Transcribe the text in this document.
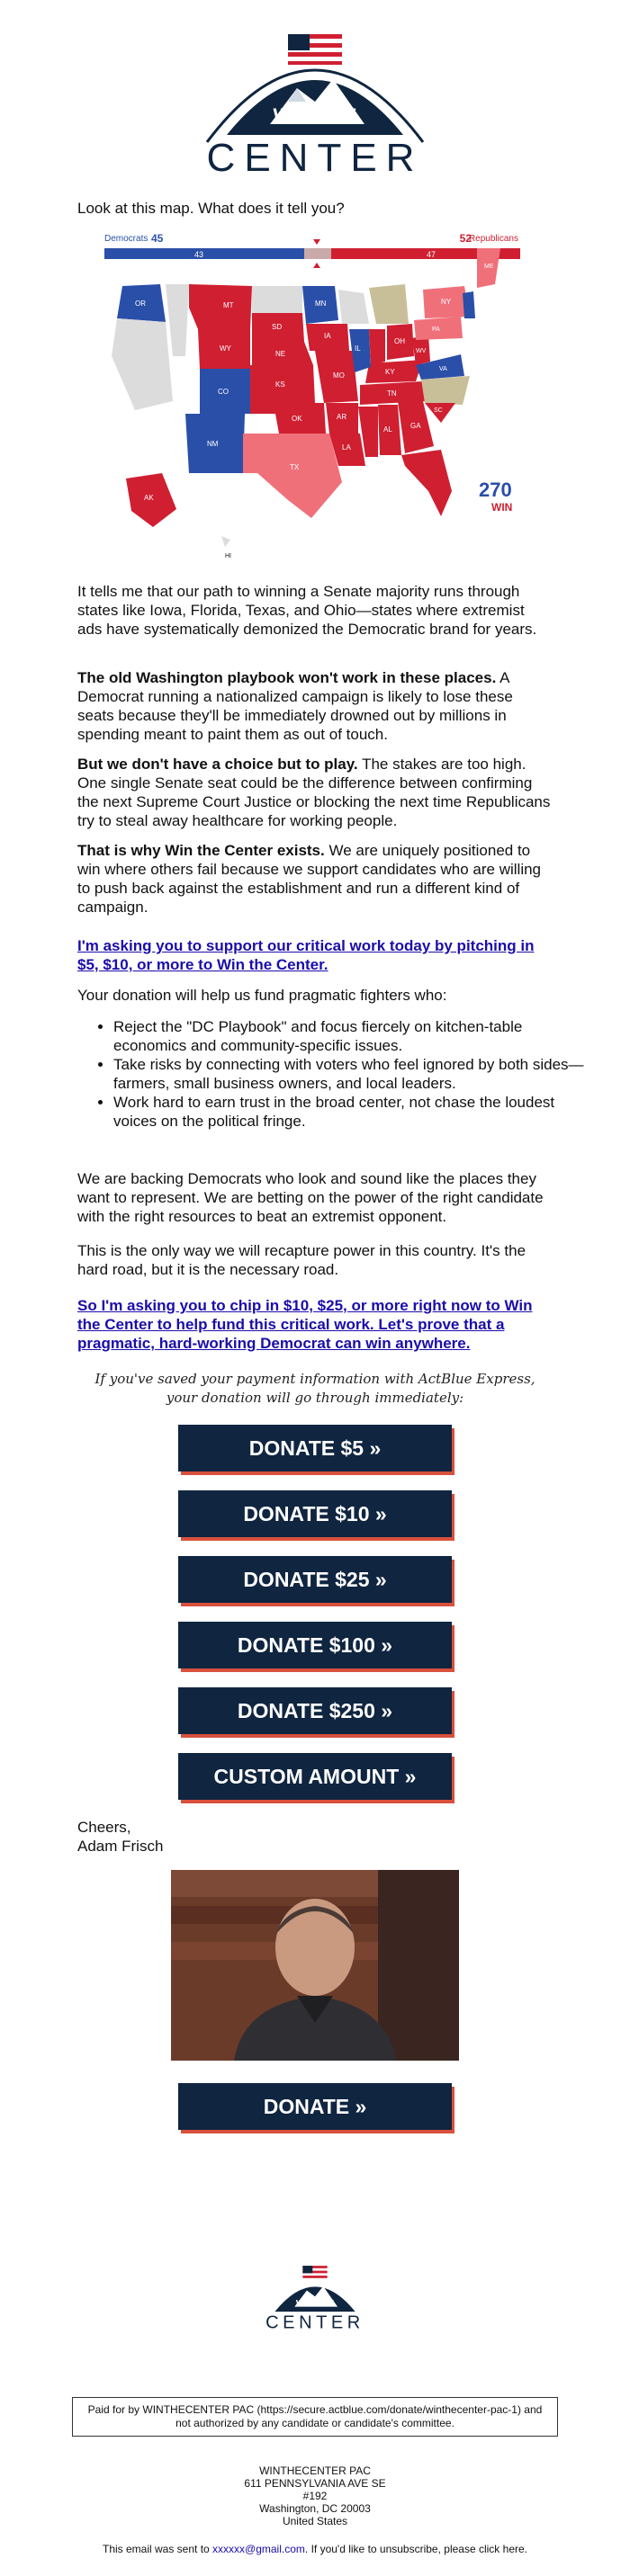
WIN THE
CENTER

Look at this map. What does it tell you?

Democrats 45	Republicans
52
43	47
OR	MT
WY
SD
NE
CO
KS
NM
OK
TX
MN
IA
MO
AR
LA
AL	GA
TN
KY
IL
OH
WV
VA
SC
PA
NY
ME
AK
HI
270
WIN

It tells me that our path to winning a Senate majority runs through states like Iowa, Florida, Texas, and Ohio—states where extremist ads have systematically demonized the Democratic brand for years.

The old Washington playbook won't work in these places. A Democrat running a nationalized campaign is likely to lose these seats because they'll be immediately drowned out by millions in spending meant to paint them as out of touch.

But we don't have a choice but to play. The stakes are too high. One single Senate seat could be the difference between confirming the next Supreme Court Justice or blocking the next time Republicans try to steal away healthcare for working people.

That is why Win the Center exists. We are uniquely positioned to win where others fail because we support candidates who are willing to push back against the establishment and run a different kind of campaign.

I'm asking you to support our critical work today by pitching in $5, $10, or more to Win the Center.

Your donation will help us fund pragmatic fighters who:

• Reject the "DC Playbook" and focus fiercely on kitchen-table economics and community-specific issues.
• Take risks by connecting with voters who feel ignored by both sides—farmers, small business owners, and local leaders.
• Work hard to earn trust in the broad center, not chase the loudest voices on the political fringe.

We are backing Democrats who look and sound like the places they want to represent. We are betting on the power of the right candidate with the right resources to beat an extremist opponent.

This is the only way we will recapture power in this country. It's the hard road, but it is the necessary road.

So I'm asking you to chip in $10, $25, or more right now to Win the Center to help fund this critical work. Let's prove that a pragmatic, hard-working Democrat can win anywhere.

If you've saved your payment information with ActBlue Express, your donation will go through immediately:
DONATE $5 »
DONATE $10 »
DONATE $25 »
DONATE $100 »
DONATE $250 »
CUSTOM AMOUNT »

Cheers,

Adam Frisch

DONATE »
WIN THE
CENTER
Paid for by WINTHECENTER PAC (https://secure.actblue.com/donate/winthecenter-pac-1) and not authorized by any candidate or candidate's committee.
WINTHECENTER PAC
611 PENNSYLVANIA AVE SE
#192
Washington, DC 20003
United States
This email was sent to xxxxxx@gmail.com. If you'd like to unsubscribe, please click here.
